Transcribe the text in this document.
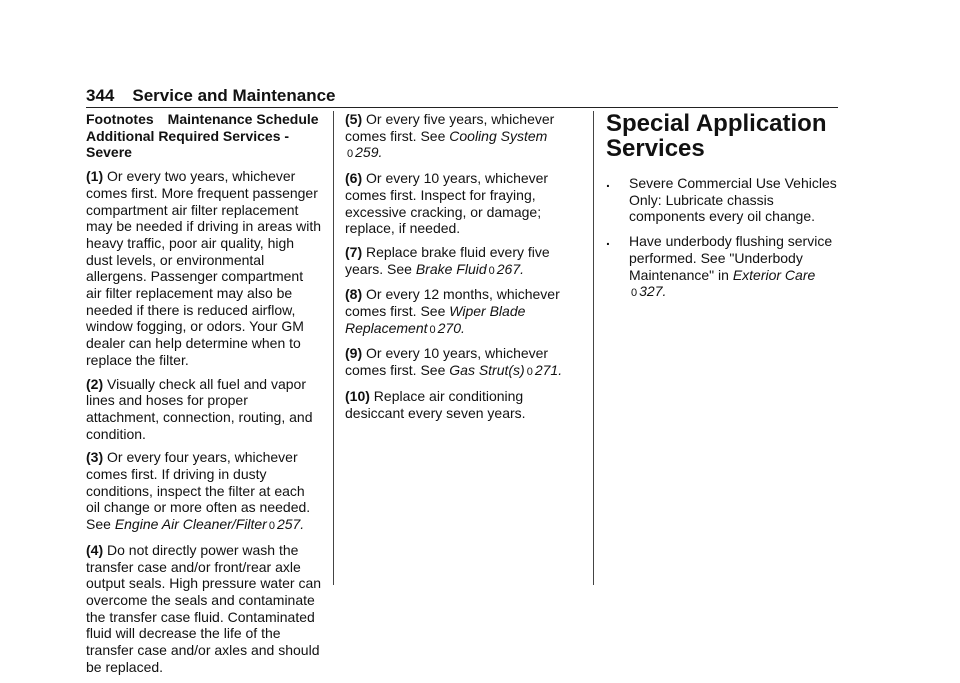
344 Service and Maintenance

Footnotes Maintenance Schedule Additional Required Services - Severe

(1) Or every two years, whichever comes first. More frequent passenger compartment air filter replacement may be needed if driving in areas with heavy traffic, poor air quality, high dust levels, or environmental allergens. Passenger compartment air filter replacement may also be needed if there is reduced airflow, window fogging, or odors. Your GM dealer can help determine when to replace the filter.

(2) Visually check all fuel and vapor lines and hoses for proper attachment, connection, routing, and condition.

(3) Or every four years, whichever comes first. If driving in dusty conditions, inspect the filter at each oil change or more often as needed. See Engine Air Cleaner/Filter 0 257.

(4) Do not directly power wash the transfer case and/or front/rear axle output seals. High pressure water can overcome the seals and contaminate the transfer case fluid. Contaminated fluid will decrease the life of the transfer case and/or axles and should be replaced.

(5) Or every five years, whichever comes first. See Cooling System
0 259.

(6) Or every 10 years, whichever comes first. Inspect for fraying, excessive cracking, or damage; replace, if needed.

(7) Replace brake fluid every five years. See Brake Fluid 0 267.

(8) Or every 12 months, whichever comes first. See Wiper Blade Replacement 0 270.

(9) Or every 10 years, whichever comes first. See Gas Strut(s) 0 271.

(10) Replace air conditioning desiccant every seven years.

Special Application Services
. Severe Commercial Use Vehicles Only: Lubricate chassis components every oil change.
. Have underbody flushing service performed. See "Underbody Maintenance" in Exterior Care
0 327.
